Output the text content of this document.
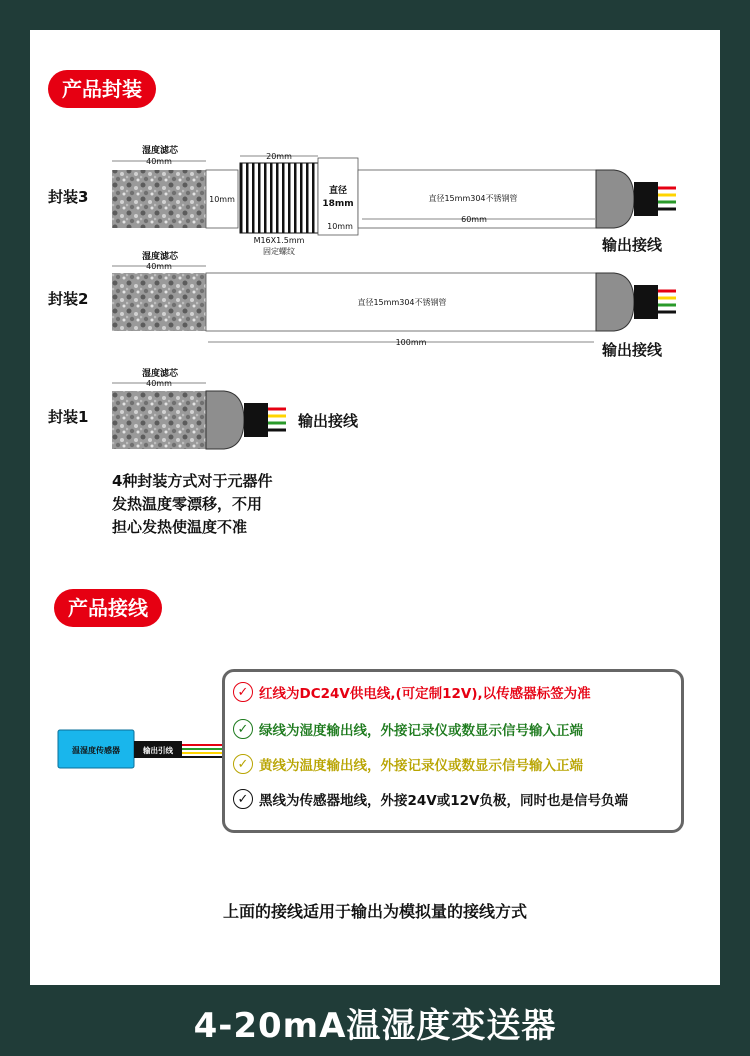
产品封装
封装3
湿度滤芯
40mm
10mm
20mm
M16X1.5mm
固定螺纹
直径
18mm
10mm
直径15mm304不锈钢管
60mm
输出接线
封装2
湿度滤芯
40mm
直径15mm304不锈钢管
100mm	输出接线
封装1
湿度滤芯
40mm
输出接线
4种封装方式对于元器件
发热温度零漂移，不用
担心发热使温度不准
产品接线
温湿度传感器	输出引线
✓ 红线为DC24V供电线,(可定制12V),以传感器标签为准
✓ 绿线为湿度输出线，外接记录仪或数显示信号输入正端
✓ 黄线为温度输出线，外接记录仪或数显示信号输入正端
✓ 黑线为传感器地线，外接24V或12V负极，同时也是信号负端
上面的接线适用于输出为模拟量的接线方式
4-20mA温湿度变送器
